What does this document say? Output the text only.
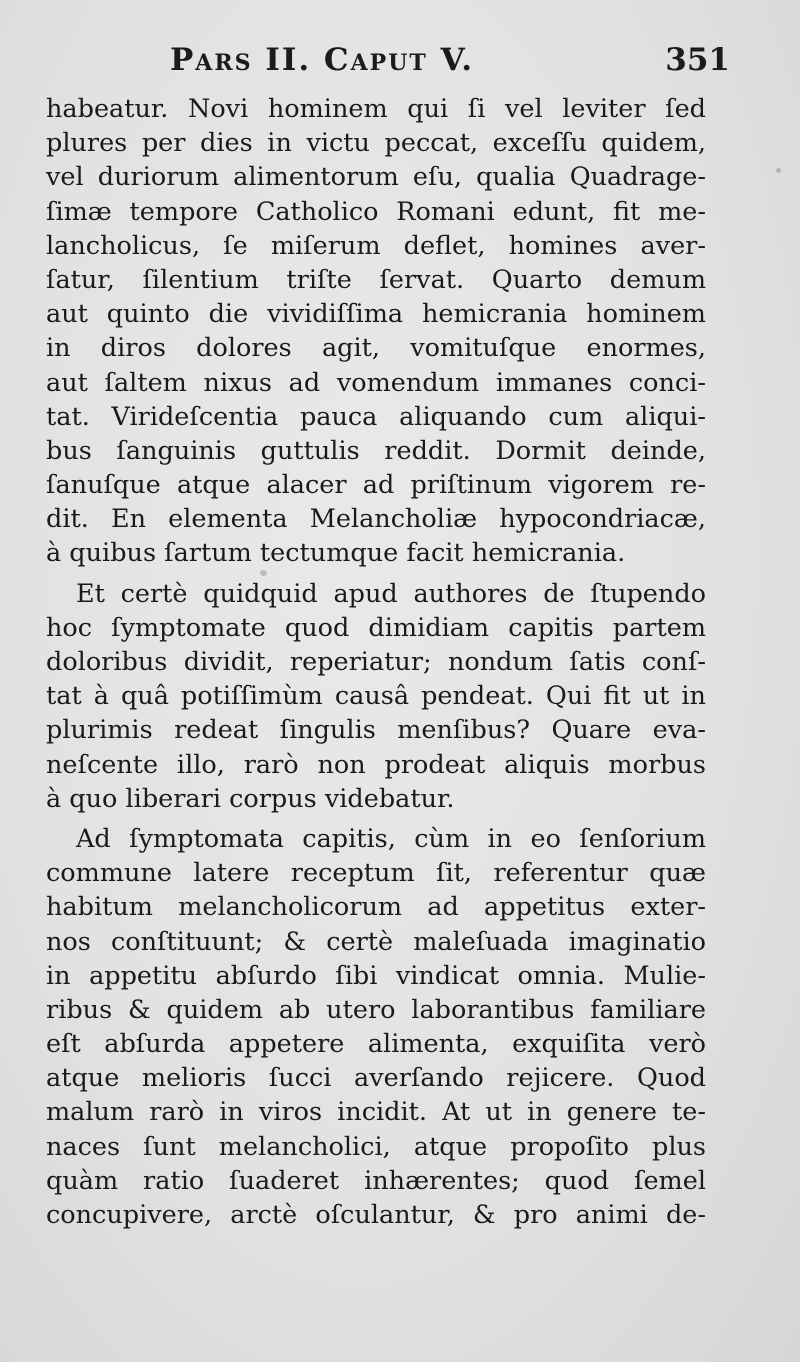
Pars II. Caput V.	351
habeatur. Novi hominem qui ſi vel leviter ſed
plures per dies in victu peccat, exceſſu quidem,
vel duriorum alimentorum eſu, qualia Quadrage-
ſimæ tempore Catholico Romani edunt, fit me-
lancholicus, ſe miſerum deflet, homines aver-
ſatur, ſilentium triſte ſervat. Quarto demum
aut quinto die vividiſſima hemicrania hominem
in diros dolores agit, vomituſque enormes,
aut ſaltem nixus ad vomendum immanes conci-
tat. Virideſcentia pauca aliquando cum aliqui-
bus ſanguinis guttulis reddit. Dormit deinde,
ſanuſque atque alacer ad priſtinum vigorem re-
dit. En elementa Melancholiæ hypocondriacæ,
à quibus ſartum tectumque facit hemicrania.
Et certè quidquid apud authores de ſtupendo
hoc ſymptomate quod dimidiam capitis partem
doloribus dividit, reperiatur; nondum ſatis conſ-
tat à quâ potiſſimùm causâ pendeat. Qui fit ut in
plurimis redeat ſingulis menſibus? Quare eva-
neſcente illo, rarò non prodeat aliquis morbus
à quo liberari corpus videbatur.
Ad ſymptomata capitis, cùm in eo ſenſorium
commune latere receptum ſit, referentur quæ
habitum melancholicorum ad appetitus exter-
nos conſtituunt; & certè maleſuada imaginatio
in appetitu abſurdo ſibi vindicat omnia. Mulie-
ribus & quidem ab utero laborantibus familiare
eſt abſurda appetere alimenta, exquiſita verò
atque melioris ſucci averſando rejicere. Quod
malum rarò in viros incidit. At ut in genere te-
naces ſunt melancholici, atque propoſito plus
quàm ratio ſuaderet inhærentes; quod ſemel
concupivere, arctè oſculantur, & pro animi de-
